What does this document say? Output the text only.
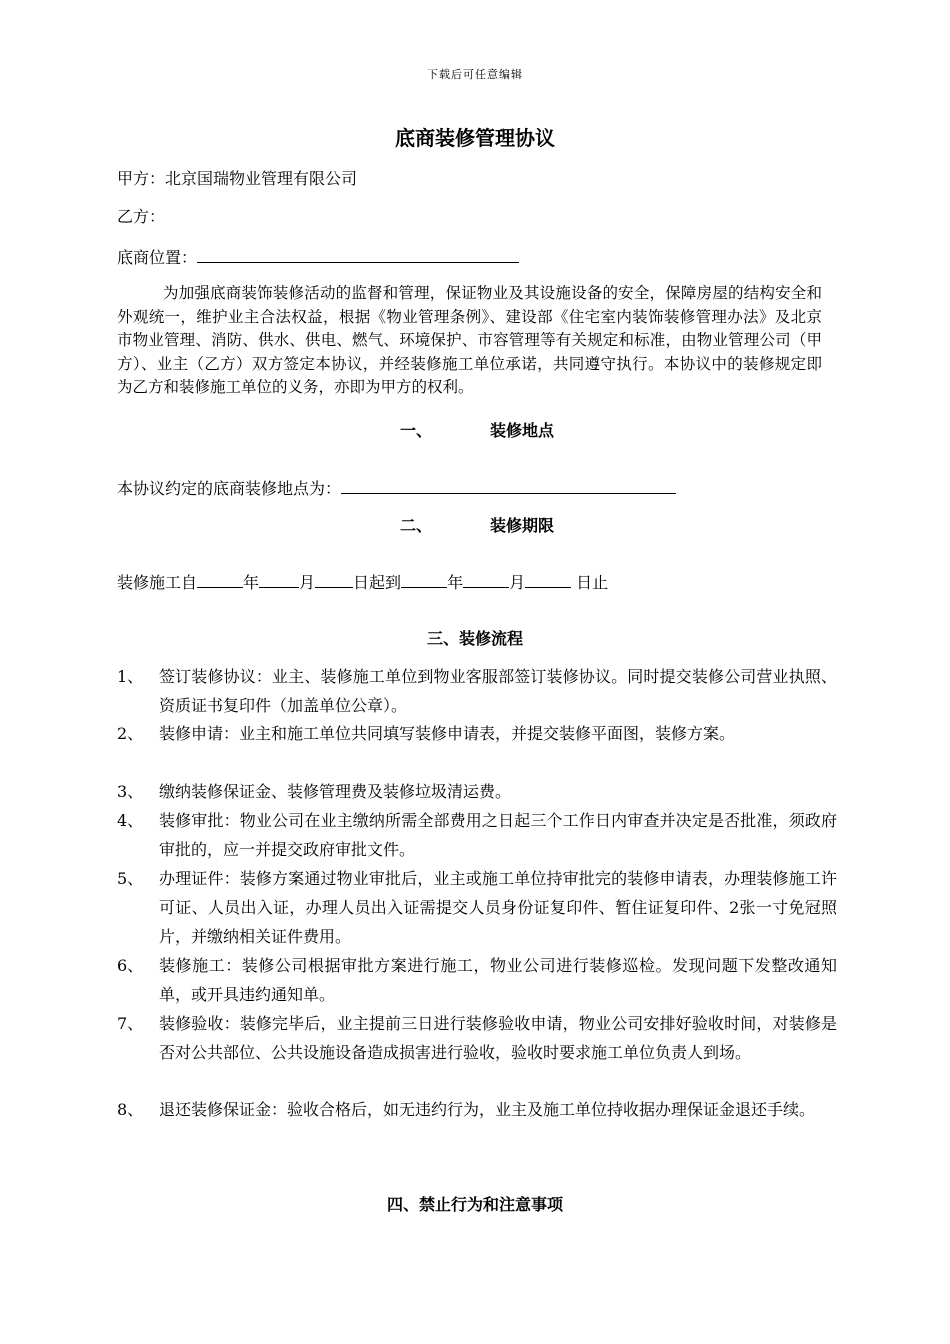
下载后可任意编辑
底商装修管理协议
甲方：北京国瑞物业管理有限公司
乙方：
底商位置：
为加强底商装饰装修活动的监督和管理，保证物业及其设施设备的安全，保障房屋的结构安全和外观统一，维护业主合法权益，根据《物业管理条例》、建设部《住宅室内装饰装修管理办法》及北京市物业管理、消防、供水、供电、燃气、环境保护、市容管理等有关规定和标准，由物业管理公司（甲方）、业主（乙方）双方签定本协议，并经装修施工单位承诺，共同遵守执行。本协议中的装修规定即为乙方和装修施工单位的义务，亦即为甲方的权利。
一、	装修地点
本协议约定的底商装修地点为：
二、	装修期限
装修施工自	年	月 日起到	年	月	日止
三、装修流程
1、 签订装修协议：业主、装修施工单位到物业客服部签订装修协议。同时提交装修公司营业执照、资质证书复印件（加盖单位公章）。
2、 装修申请：业主和施工单位共同填写装修申请表，并提交装修平面图，装修方案。
3、 缴纳装修保证金、装修管理费及装修垃圾清运费。
4、 装修审批：物业公司在业主缴纳所需全部费用之日起三个工作日内审查并决定是否批准，须政府审批的，应一并提交政府审批文件。
5、 办理证件：装修方案通过物业审批后，业主或施工单位持审批完的装修申请表，办理装修施工许可证、人员出入证，办理人员出入证需提交人员身份证复印件、暂住证复印件、2张一寸免冠照片，并缴纳相关证件费用。
6、 装修施工：装修公司根据审批方案进行施工，物业公司进行装修巡检。发现问题下发整改通知单，或开具违约通知单。
7、 装修验收：装修完毕后，业主提前三日进行装修验收申请，物业公司安排好验收时间，对装修是否对公共部位、公共设施设备造成损害进行验收，验收时要求施工单位负责人到场。
8、 退还装修保证金：验收合格后，如无违约行为，业主及施工单位持收据办理保证金退还手续。
四、禁止行为和注意事项
